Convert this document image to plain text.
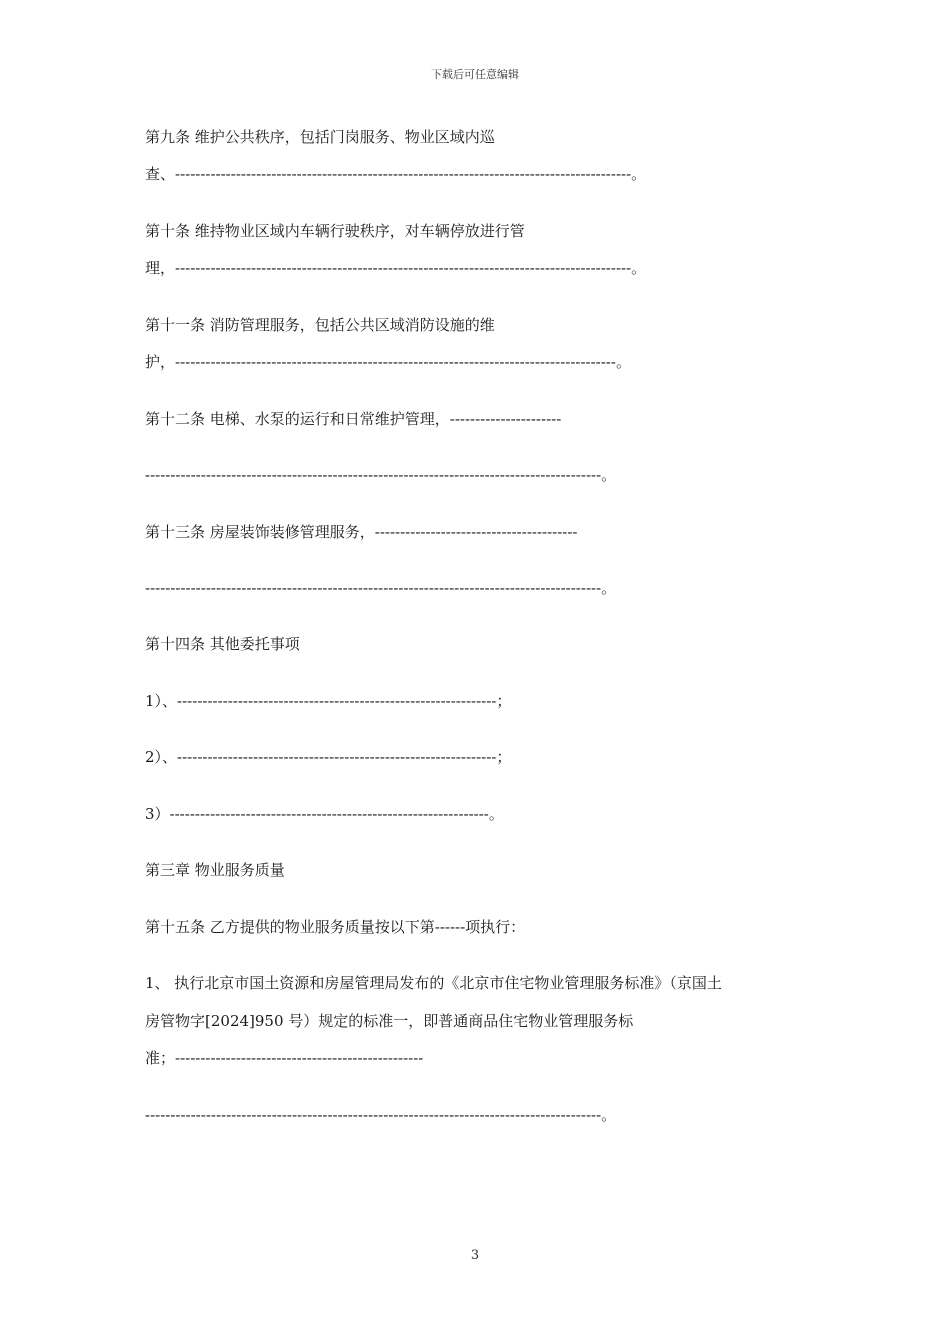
下载后可任意编辑
第九条 维护公共秩序，包括门岗服务、物业区域内巡
查、------------------------------------------------------------------------------------------。
第十条 维持物业区域内车辆行驶秩序，对车辆停放进行管
理，------------------------------------------------------------------------------------------。
第十一条 消防管理服务，包括公共区域消防设施的维
护，---------------------------------------------------------------------------------------。
第十二条 电梯、水泵的运行和日常维护管理，----------------------
------------------------------------------------------------------------------------------。
第十三条 房屋装饰装修管理服务，----------------------------------------
------------------------------------------------------------------------------------------。
第十四条 其他委托事项
1）、---------------------------------------------------------------；
2）、---------------------------------------------------------------；
3）---------------------------------------------------------------。
第三章 物业服务质量
第十五条 乙方提供的物业服务质量按以下第------项执行：
1、 执行北京市国土资源和房屋管理局发布的《北京市住宅物业管理服务标准》（京国土
房管物字[2024]950 号）规定的标准一，即普通商品住宅物业管理服务标
准；-------------------------------------------------
------------------------------------------------------------------------------------------。
3
